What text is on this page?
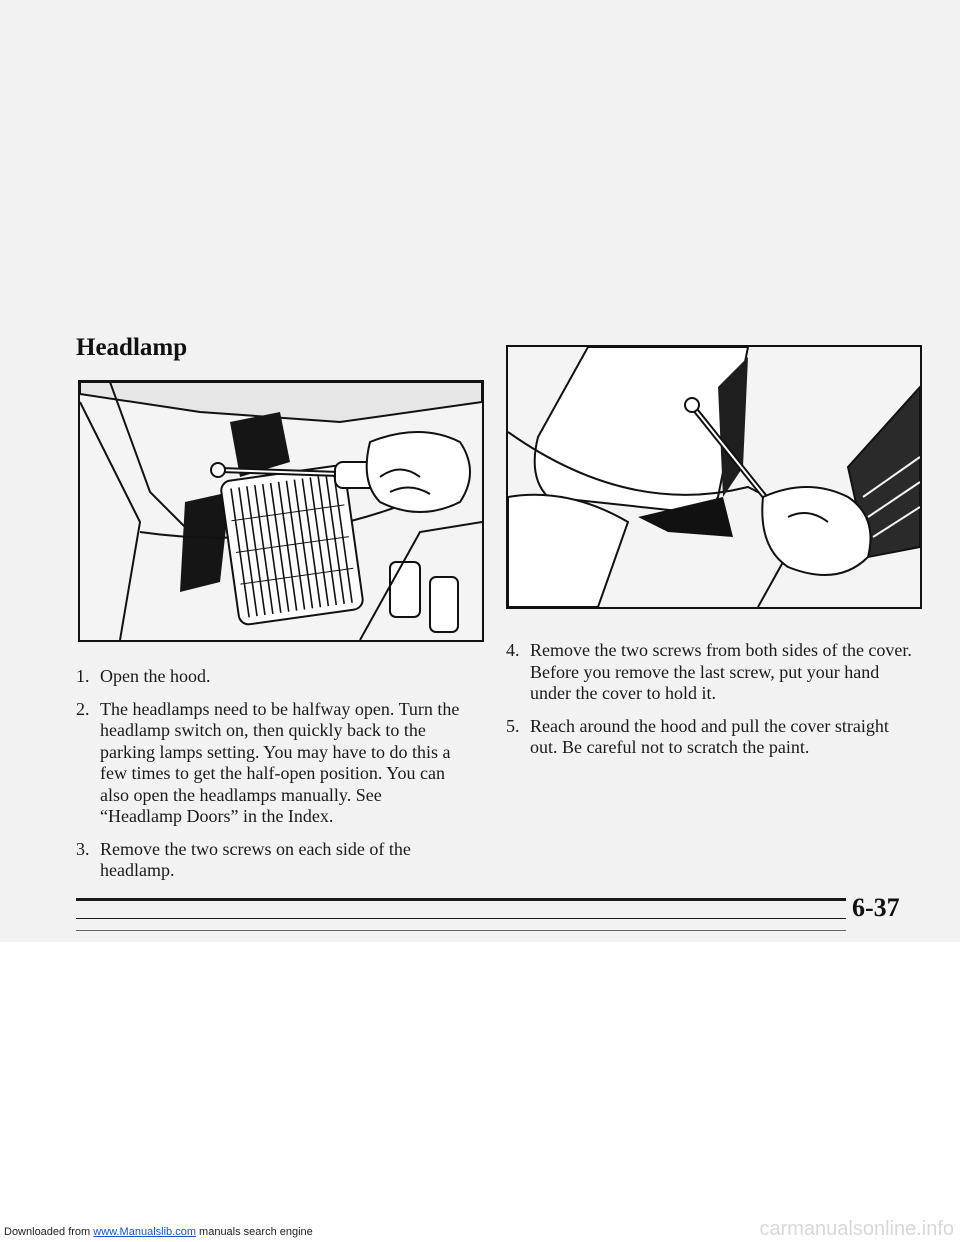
Headlamp
1. Open the hood.
2. The headlamps need to be halfway open. Turn the headlamp switch on, then quickly back to the parking lamps setting. You may have to do this a few times to get the half-open position. You can also open the headlamps manually. See “Headlamp Doors” in the Index.
3. Remove the two screws on each side of the headlamp.
4. Remove the two screws from both sides of the cover. Before you remove the last screw, put your hand under the cover to hold it.
5. Reach around the hood and pull the cover straight out. Be careful not to scratch the paint.
6-37
Downloaded from www.Manualslib.com manuals search engine	carmanualsonline.info
